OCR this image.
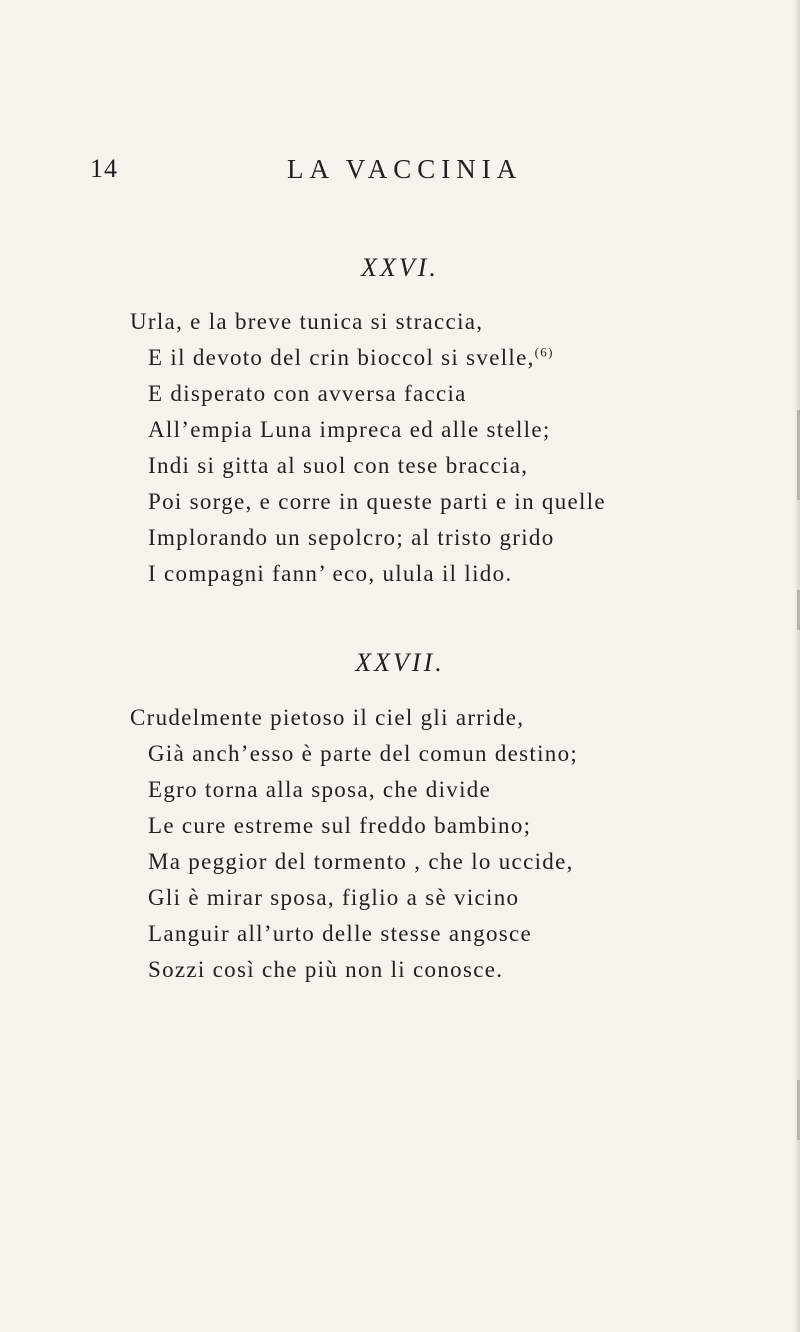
14	LA VACCINIA
XXVI.
Urla, e la breve tunica si straccia,
E il devoto del crin bioccol si svelle,$^{(6)}$
E disperato con avversa faccia
All’empia Luna impreca ed alle stelle;
Indi si gitta al suol con tese braccia,
Poi sorge, e corre in queste parti e in quelle
Implorando un sepolcro; al tristo grido
I compagni fann’ eco, ulula il lido.
XXVII.
Crudelmente pietoso il ciel gli arride,
Già anch’esso è parte del comun destino;
Egro torna alla sposa, che divide
Le cure estreme sul freddo bambino;
Ma peggior del tormento , che lo uccide,
Gli è mirar sposa, figlio a sè vicino
Languir all’urto delle stesse angosce
Sozzi così che più non li conosce.
